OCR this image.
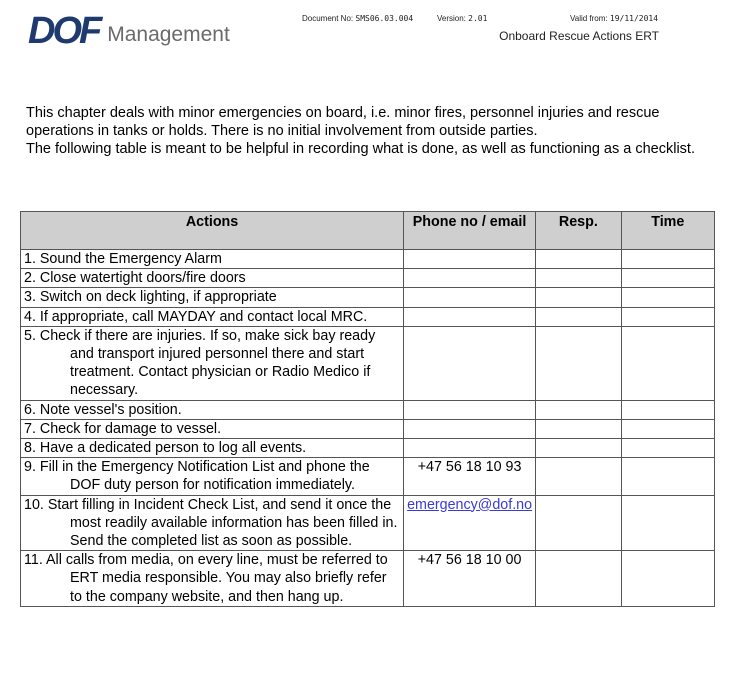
DOF Management
Document No: SMS06.03.004	Version: 2.01	Valid from: 19/11/2014
Onboard Rescue Actions ERT

This chapter deals with minor emergencies on board, i.e. minor fires, personnel injuries and rescue operations in tanks or holds. There is no initial involvement from outside parties.

The following table is meant to be helpful in recording what is done, as well as functioning as a checklist.

Actions	Phone no / email	Resp.	Time

1. Sound the Emergency Alarm			

2. Close watertight doors/fire doors			

3. Switch on deck lighting, if appropriate			

4. If appropriate, call MAYDAY and contact local MRC.			

5. Check if there are injuries. If so, make sick bay ready and transport injured personnel there and start treatment. Contact physician or Radio Medico if necessary.			

6. Note vessel's position.			

7. Check for damage to vessel.			

8. Have a dedicated person to log all events.			

9. Fill in the Emergency Notification List and phone the DOF duty person for notification immediately.	+47 56 18 10 93		

10. Start filling in Incident Check List, and send it once the most readily available information has been filled in. Send the completed list as soon as possible.	emergency@dof.no		

11. All calls from media, on every line, must be referred to ERT media responsible. You may also briefly refer to the company website, and then hang up.	+47 56 18 10 00		
